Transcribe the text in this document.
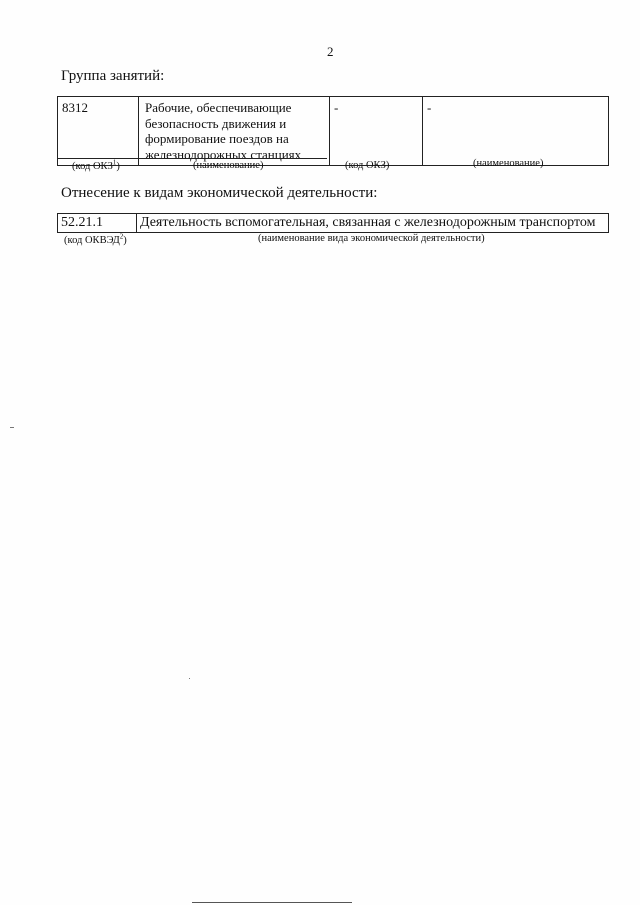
2
Группа занятий:
8312	Рабочие, обеспечивающие безопасность движения и формирование поездов на железнодорожных станциях	-	-
(код ОКЗ$^1$)	(наименование)	(код ОКЗ)	(наименование)
Отнесение к видам экономической деятельности:
52.21.1	Деятельность вспомогательная, связанная с железнодорожным транспортом
(код ОКВЭД$^2$)	(наименование вида экономической деятельности)
